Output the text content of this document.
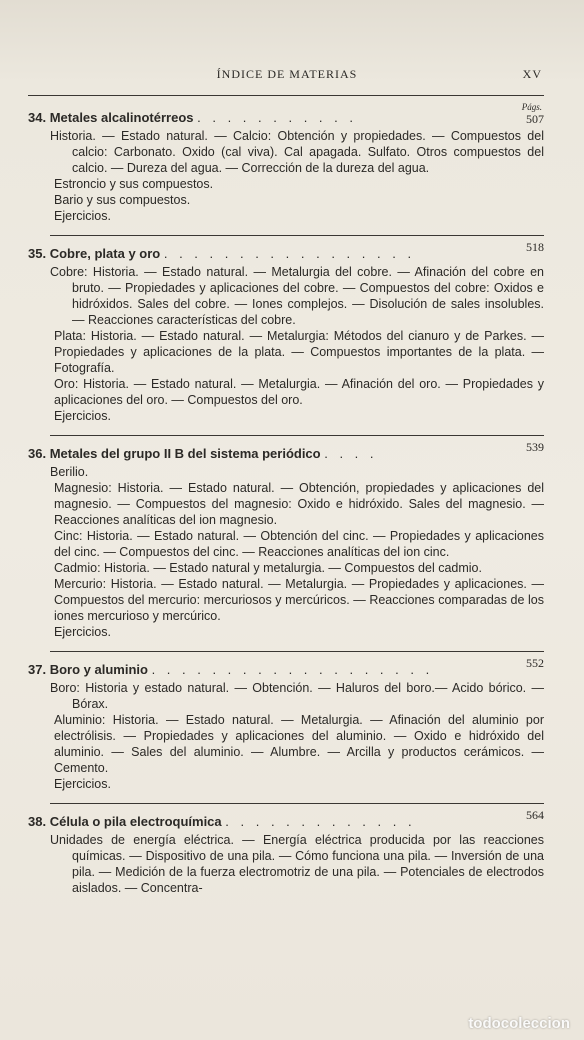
ÍNDICE DE MATERIAS	XV
Págs.
507
34. Metales alcalinotérreos . . . . . . . . . . .

Historia. — Estado natural. — Calcio: Obtención y propiedades. — Compuestos del calcio: Carbonato. Oxido (cal viva). Cal apagada. Sulfato. Otros compuestos del calcio. — Dureza del agua. — Corrección de la dureza del agua.

Estroncio y sus compuestos.

Bario y sus compuestos.

Ejercicios.

518
35. Cobre, plata y oro . . . . . . . . . . . . . . . . .

Cobre: Historia. — Estado natural. — Metalurgia del cobre. — Afinación del cobre en bruto. — Propiedades y aplicaciones del cobre. — Compuestos del cobre: Oxidos e hidróxidos. Sales del cobre. — Iones complejos. — Disolución de sales insolubles. — Reacciones características del cobre.

Plata: Historia. — Estado natural. — Metalurgia: Métodos del cianuro y de Parkes. — Propiedades y aplicaciones de la plata. — Compuestos importantes de la plata. — Fotografía.

Oro: Historia. — Estado natural. — Metalurgia. — Afinación del oro. — Propiedades y aplicaciones del oro. — Compuestos del oro.

Ejercicios.

539
36. Metales del grupo II B del sistema periódico . . . .

Berilio.

Magnesio: Historia. — Estado natural. — Obtención, propiedades y aplicaciones del magnesio. — Compuestos del magnesio: Oxido e hidróxido. Sales del magnesio. — Reacciones analíticas del ion magnesio.

Cinc: Historia. — Estado natural. — Obtención del cinc. — Propiedades y aplicaciones del cinc. — Compuestos del cinc. — Reacciones analíticas del ion cinc.

Cadmio: Historia. — Estado natural y metalurgia. — Compuestos del cadmio.

Mercurio: Historia. — Estado natural. — Metalurgia. — Propiedades y aplicaciones. — Compuestos del mercurio: mercuriosos y mercúricos. — Reacciones comparadas de los iones mercurioso y mercúrico.

Ejercicios.

552
37. Boro y aluminio . . . . . . . . . . . . . . . . . . .

Boro: Historia y estado natural. — Obtención. — Haluros del boro.— Acido bórico. — Bórax.

Aluminio: Historia. — Estado natural. — Metalurgia. — Afinación del aluminio por electrólisis. — Propiedades y aplicaciones del aluminio. — Oxido e hidróxido del aluminio. — Sales del aluminio. — Alumbre. — Arcilla y productos cerámicos. — Cemento.

Ejercicios.

564
38. Célula o pila electroquímica . . . . . . . . . . . . .

Unidades de energía eléctrica. — Energía eléctrica producida por las reacciones químicas. — Dispositivo de una pila. — Cómo funciona una pila. — Inversión de una pila. — Medición de la fuerza electromotriz de una pila. — Potenciales de electrodos aislados. — Concentra-

todocoleccion
